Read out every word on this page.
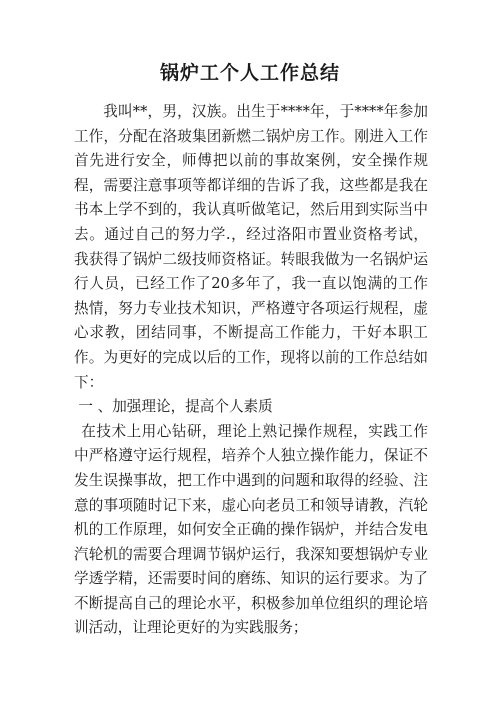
锅炉工个人工作总结

我叫**，男，汉族。出生于****年，于****年参加工作，分配在洛玻集团新燃二锅炉房工作。刚进入工作首先进行安全，师傅把以前的事故案例，安全操作规程，需要注意事项等都详细的告诉了我，这些都是我在书本上学不到的，我认真听做笔记，然后用到实际当中去。通过自己的努力学.，经过洛阳市置业资格考试，我获得了锅炉二级技师资格证。转眼我做为一名锅炉运行人员，已经工作了20多年了，我一直以饱满的工作热情，努力专业技术知识，严格遵守各项运行规程，虚心求教，团结同事，不断提高工作能力，干好本职工作。为更好的完成以后的工作，现将以前的工作总结如下：

一 、加强理论，提高个人素质

在技术上用心钻研，理论上熟记操作规程，实践工作中严格遵守运行规程，培养个人独立操作能力，保证不发生误操事故，把工作中遇到的问题和取得的经验、注意的事项随时记下来，虚心向老员工和领导请教，汽轮机的工作原理，如何安全正确的操作锅炉，并结合发电汽轮机的需要合理调节锅炉运行，我深知要想锅炉专业学透学精，还需要时间的磨练、知识的运行要求。为了不断提高自己的理论水平，积极参加单位组织的理论培训活动，让理论更好的为实践服务；
